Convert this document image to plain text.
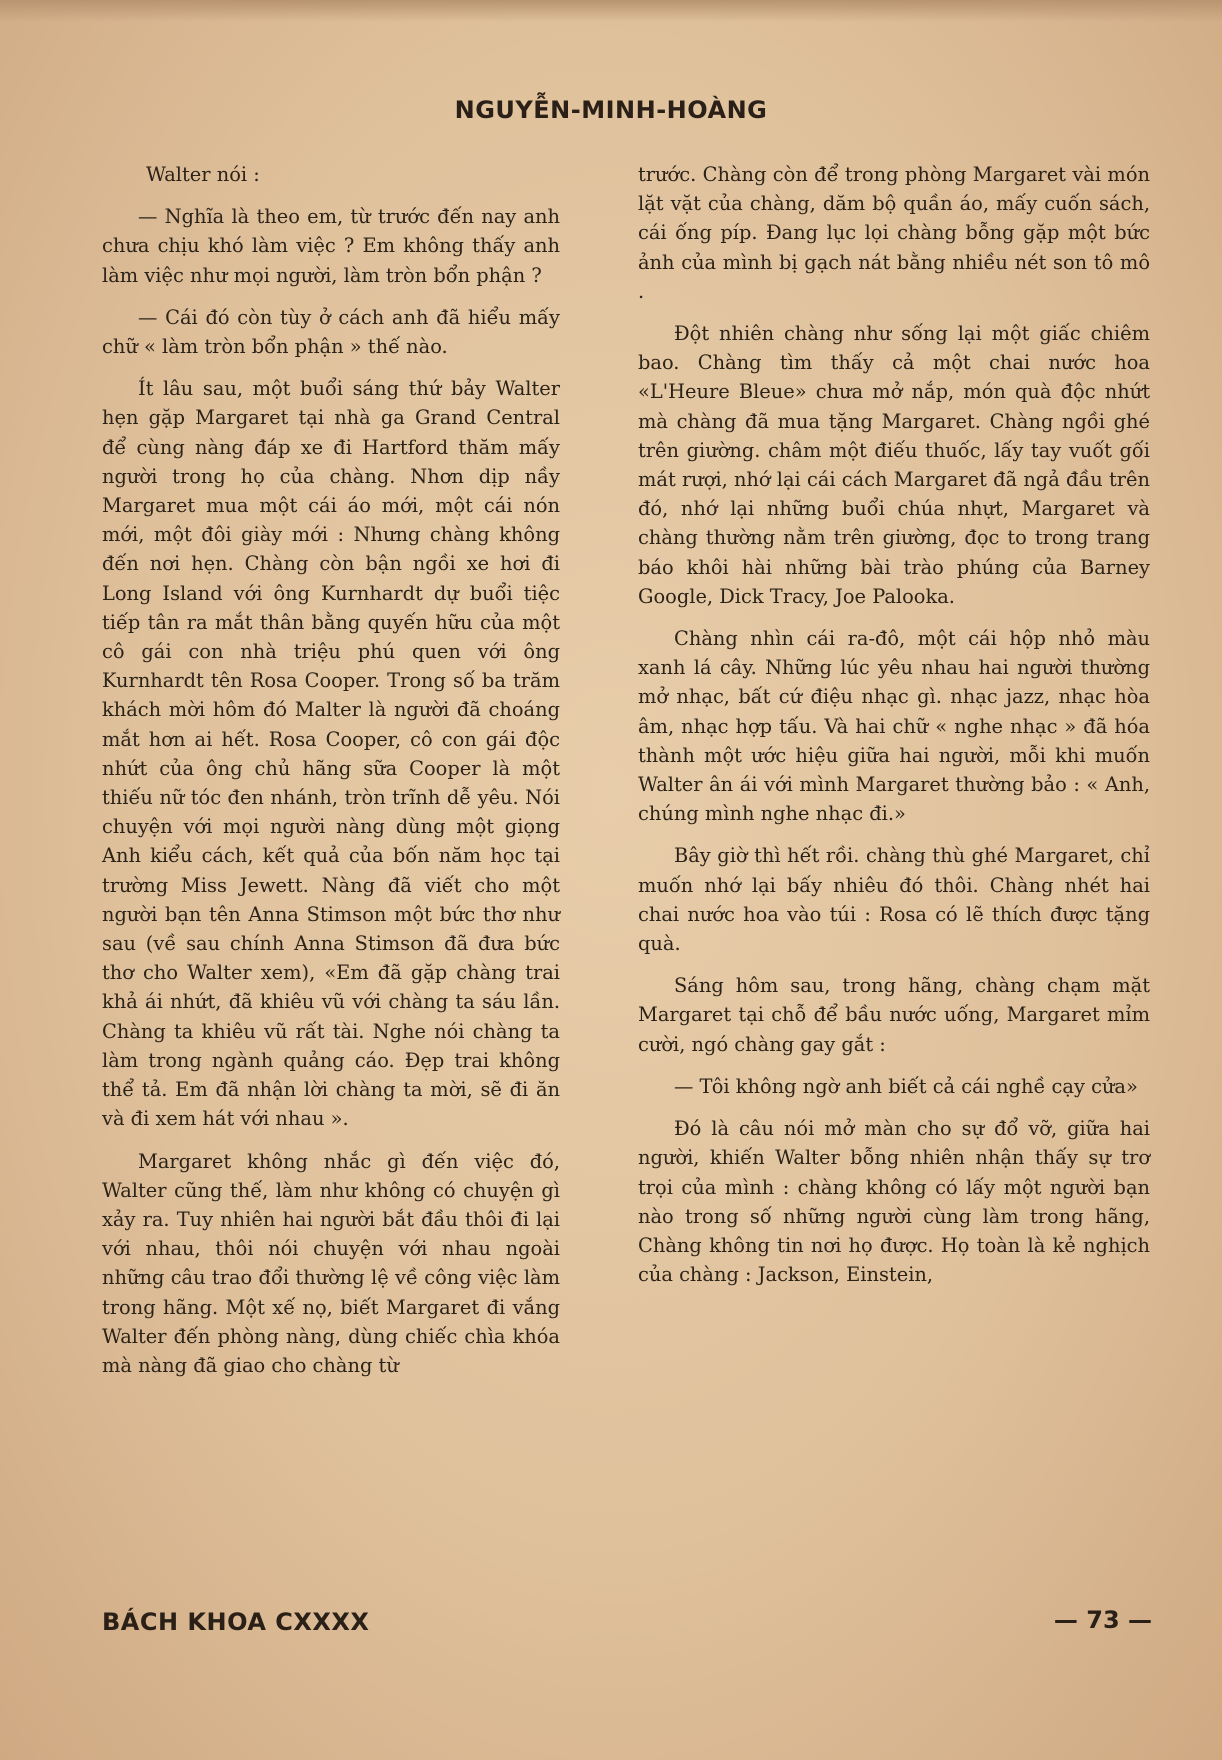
NGUYỄN-MINH-HOÀNG

Walter nói :

— Nghĩa là theo em, từ trước đến nay anh chưa chịu khó làm việc ? Em không thấy anh làm việc như mọi người, làm tròn bổn phận ?

— Cái đó còn tùy ở cách anh đã hiểu mấy chữ « làm tròn bổn phận » thế nào.

Ít lâu sau, một buổi sáng thứ bảy Walter hẹn gặp Margaret tại nhà ga Grand Central để cùng nàng đáp xe đi Hartford thăm mấy người trong họ của chàng. Nhơn dịp nầy Margaret mua một cái áo mới, một cái nón mới, một đôi giày mới : Nhưng chàng không đến nơi hẹn. Chàng còn bận ngồi xe hơi đi Long Island với ông Kurnhardt dự buổi tiệc tiếp tân ra mắt thân bằng quyến hữu của một cô gái con nhà triệu phú quen với ông Kurnhardt tên Rosa Cooper. Trong số ba trăm khách mời hôm đó Malter là người đã choáng mắt hơn ai hết. Rosa Cooper, cô con gái độc nhứt của ông chủ hãng sữa Cooper là một thiếu nữ tóc đen nhánh, tròn trĩnh dễ yêu. Nói chuyện với mọi người nàng dùng một giọng Anh kiểu cách, kết quả của bốn năm học tại trường Miss Jewett. Nàng đã viết cho một người bạn tên Anna Stimson một bức thơ như sau (về sau chính Anna Stimson đã đưa bức thơ cho Walter xem), «Em đã gặp chàng trai khả ái nhứt, đã khiêu vũ với chàng ta sáu lần. Chàng ta khiêu vũ rất tài. Nghe nói chàng ta làm trong ngành quảng cáo. Đẹp trai không thể tả. Em đã nhận lời chàng ta mời, sẽ đi ăn và đi xem hát với nhau ».

Margaret không nhắc gì đến việc đó, Walter cũng thế, làm như không có chuyện gì xảy ra. Tuy nhiên hai người bắt đầu thôi đi lại với nhau, thôi nói chuyện với nhau ngoài những câu trao đổi thường lệ về công việc làm trong hãng. Một xế nọ, biết Margaret đi vắng Walter đến phòng nàng, dùng chiếc chìa khóa mà nàng đã giao cho chàng từ

trước. Chàng còn để trong phòng Margaret vài món lặt vặt của chàng, dăm bộ quần áo, mấy cuốn sách, cái ống píp. Đang lục lọi chàng bỗng gặp một bức ảnh của mình bị gạch nát bằng nhiều nét son tô mô .

Đột nhiên chàng như sống lại một giấc chiêm bao. Chàng tìm thấy cả một chai nước hoa «L'Heure Bleue» chưa mở nắp, món quà độc nhứt mà chàng đã mua tặng Margaret. Chàng ngồi ghé trên giường. châm một điếu thuốc, lấy tay vuốt gối mát rượi, nhớ lại cái cách Margaret đã ngả đầu trên đó, nhớ lại những buổi chúa nhựt, Margaret và chàng thường nằm trên giường, đọc to trong trang báo khôi hài những bài trào phúng của Barney Google, Dick Tracy, Joe Palooka.

Chàng nhìn cái ra-đô, một cái hộp nhỏ màu xanh lá cây. Những lúc yêu nhau hai người thường mở nhạc, bất cứ điệu nhạc gì. nhạc jazz, nhạc hòa âm, nhạc hợp tấu. Và hai chữ « nghe nhạc » đã hóa thành một ước hiệu giữa hai người, mỗi khi muốn Walter ân ái với mình Margaret thường bảo : « Anh, chúng mình nghe nhạc đi.»

Bây giờ thì hết rồi. chàng thù ghé Margaret, chỉ muốn nhớ lại bấy nhiêu đó thôi. Chàng nhét hai chai nước hoa vào túi : Rosa có lẽ thích được tặng quà.

Sáng hôm sau, trong hãng, chàng chạm mặt Margaret tại chỗ để bầu nước uống, Margaret mỉm cười, ngó chàng gay gắt :

— Tôi không ngờ anh biết cả cái nghề cạy cửa»

Đó là câu nói mở màn cho sự đổ vỡ, giữa hai người, khiến Walter bỗng nhiên nhận thấy sự trơ trọi của mình : chàng không có lấy một người bạn nào trong số những người cùng làm trong hãng, Chàng không tin nơi họ được. Họ toàn là kẻ nghịch của chàng : Jackson, Einstein,

BÁCH KHOA CXXXX	— 73 —
